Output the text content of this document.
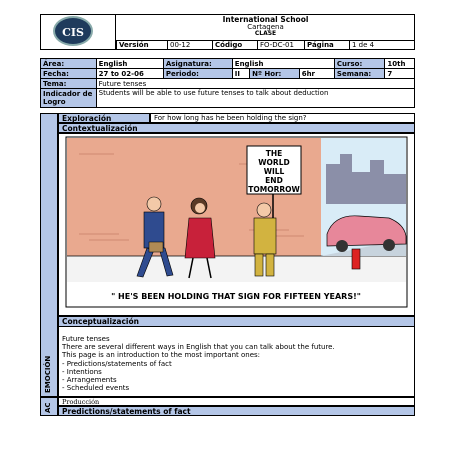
CIS
International School
Cartagena
CLASE
Versión	00-12	Código	FO-DC-01	Página	1 de 4
Área:	English	Asignatura:	English			Curso:	10th
Fecha:	27 to 02-06	Periodo:	II	Nº Hor:	6hr	Semana:	7
Tema:	Future tenses						
Indicador de Logro	Students will be able to use future tenses to talk about deduction						
EMOCIÓN
AC
Exploración	For how long has he been holding the sign?
Contextualización
THE WORLD WILL END TOMORROW
" HE'S BEEN HOLDING THAT SIGN FOR FIFTEEN YEARS!"
Conceptualización
Future tenses
There are several different ways in English that you can talk about the future.
This page is an introduction to the most important ones:
- Predictions/statements of fact
- Intentions
- Arrangements
- Scheduled events
Producción
Predictions/statements of fact
